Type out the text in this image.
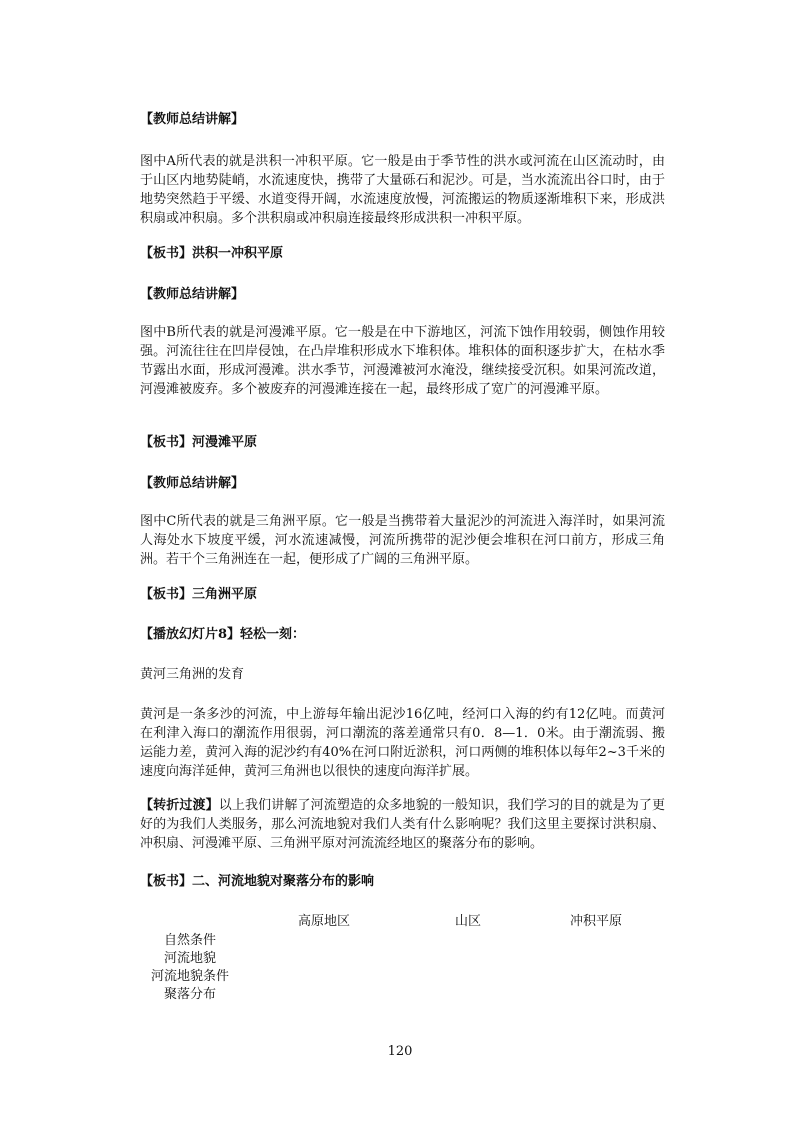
【教师总结讲解】

图中A所代表的就是洪积一冲积平原。它一般是由于季节性的洪水或河流在山区流动时，由于山区内地势陡峭，水流速度快，携带了大量砾石和泥沙。可是，当水流流出谷口时，由于地势突然趋于平缓、水道变得开阔，水流速度放慢，河流搬运的物质逐渐堆积下来，形成洪积扇或冲积扇。多个洪积扇或冲积扇连接最终形成洪积一冲积平原。

【板书】洪积一冲积平原

【教师总结讲解】

图中B所代表的就是河漫滩平原。它一般是在中下游地区，河流下蚀作用较弱，侧蚀作用较强。河流往往在凹岸侵蚀，在凸岸堆积形成水下堆积体。堆积体的面积逐步扩大，在枯水季节露出水面，形成河漫滩。洪水季节，河漫滩被河水淹没，继续接受沉积。如果河流改道，河漫滩被废弃。多个被废弃的河漫滩连接在一起，最终形成了宽广的河漫滩平原。

【板书】河漫滩平原

【教师总结讲解】

图中C所代表的就是三角洲平原。它一般是当携带着大量泥沙的河流进入海洋时，如果河流人海处水下坡度平缓，河水流速减慢，河流所携带的泥沙便会堆积在河口前方，形成三角洲。若干个三角洲连在一起，便形成了广阔的三角洲平原。

【板书】三角洲平原

【播放幻灯片8】轻松一刻：

黄河三角洲的发育

黄河是一条多沙的河流，中上游每年输出泥沙16亿吨，经河口入海的约有12亿吨。而黄河在利津入海口的潮流作用很弱，河口潮流的落差通常只有0．8—1．0米。由于潮流弱、搬运能力差，黄河入海的泥沙约有40%在河口附近淤积，河口两侧的堆积体以每年2~3千米的速度向海洋延伸，黄河三角洲也以很快的速度向海洋扩展。

【转折过渡】以上我们讲解了河流塑造的众多地貌的一般知识，我们学习的目的就是为了更好的为我们人类服务，那么河流地貌对我们人类有什么影响呢？我们这里主要探讨洪积扇、冲积扇、河漫滩平原、三角洲平原对河流流经地区的聚落分布的影响。

【板书】二、河流地貌对聚落分布的影响

高原地区	山区	冲积平原
自然条件
河流地貌
河流地貌条件
聚落分布
120
